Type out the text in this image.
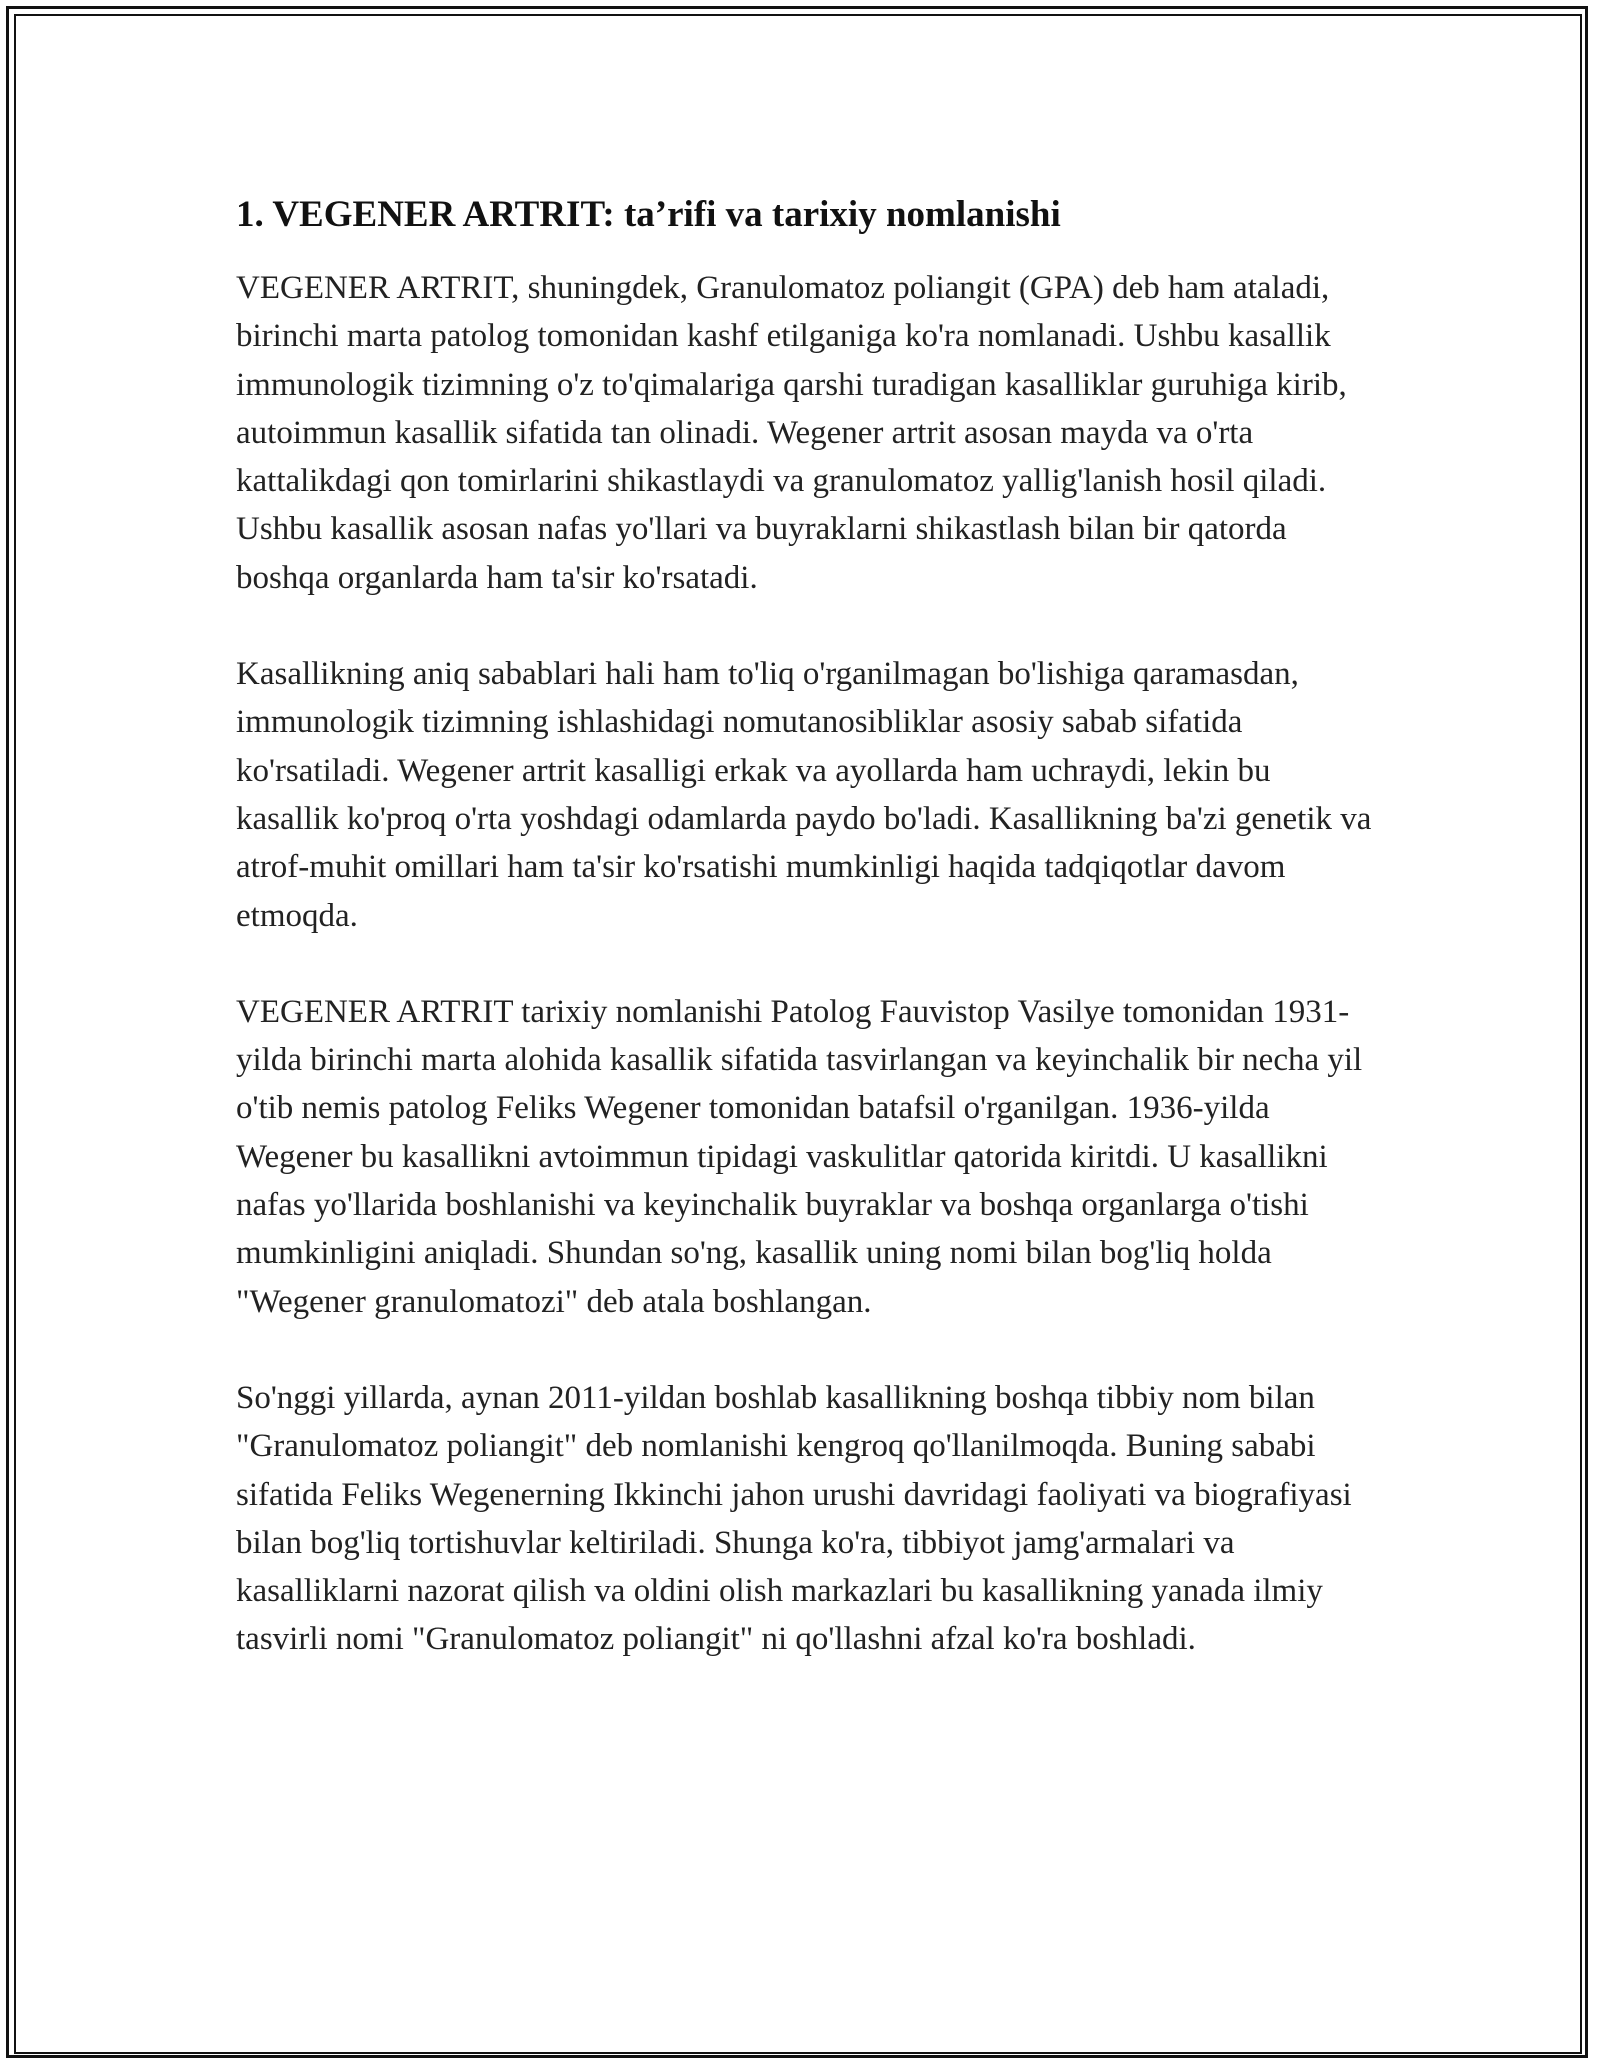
1. VEGENER ARTRIT: ta’rifi va tarixiy nomlanishi

VEGENER ARTRIT, shuningdek, Granulomatoz poliangit (GPA) deb ham ataladi, birinchi marta patolog tomonidan kashf etilganiga ko'ra nomlanadi. Ushbu kasallik immunologik tizimning o'z to'qimalariga qarshi turadigan kasalliklar guruhiga kirib, autoimmun kasallik sifatida tan olinadi. Wegener artrit asosan mayda va o'rta kattalikdagi qon tomirlarini shikastlaydi va granulomatoz yallig'lanish hosil qiladi. Ushbu kasallik asosan nafas yo'llari va buyraklarni shikastlash bilan bir qatorda boshqa organlarda ham ta'sir ko'rsatadi.

Kasallikning aniq sabablari hali ham to'liq o'rganilmagan bo'lishiga qaramasdan, immunologik tizimning ishlashidagi nomutanosibliklar asosiy sabab sifatida ko'rsatiladi. Wegener artrit kasalligi erkak va ayollarda ham uchraydi, lekin bu kasallik ko'proq o'rta yoshdagi odamlarda paydo bo'ladi. Kasallikning ba'zi genetik va atrof-muhit omillari ham ta'sir ko'rsatishi mumkinligi haqida tadqiqotlar davom etmoqda.

VEGENER ARTRIT tarixiy nomlanishi Patolog Fauvistop Vasilye tomonidan 1931-yilda birinchi marta alohida kasallik sifatida tasvirlangan va keyinchalik bir necha yil o'tib nemis patolog Feliks Wegener tomonidan batafsil o'rganilgan. 1936-yilda Wegener bu kasallikni avtoimmun tipidagi vaskulitlar qatorida kiritdi. U kasallikni nafas yo'llarida boshlanishi va keyinchalik buyraklar va boshqa organlarga o'tishi mumkinligini aniqladi. Shundan so'ng, kasallik uning nomi bilan bog'liq holda "Wegener granulomatozi" deb atala boshlangan.

So'nggi yillarda, aynan 2011-yildan boshlab kasallikning boshqa tibbiy nom bilan "Granulomatoz poliangit" deb nomlanishi kengroq qo'llanilmoqda. Buning sababi sifatida Feliks Wegenerning Ikkinchi jahon urushi davridagi faoliyati va biografiyasi bilan bog'liq tortishuvlar keltiriladi. Shunga ko'ra, tibbiyot jamg'armalari va kasalliklarni nazorat qilish va oldini olish markazlari bu kasallikning yanada ilmiy tasvirli nomi "Granulomatoz poliangit" ni qo'llashni afzal ko'ra boshladi.
